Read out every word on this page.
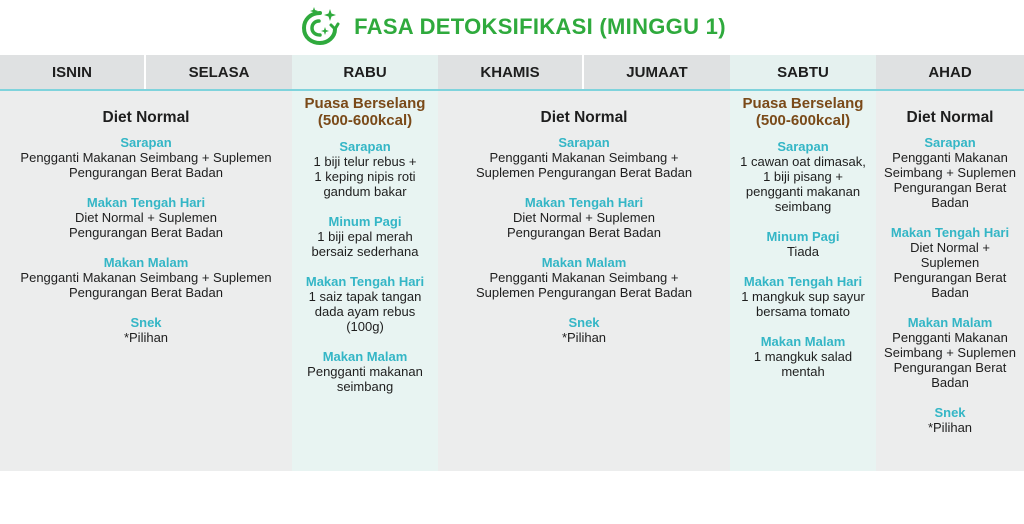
FASA DETOKSIFIKASI (MINGGU 1)
ISNIN	SELASA	RABU	KHAMIS	JUMAAT	SABTU	AHAD
Diet Normal
Sarapan
Pengganti Makanan Seimbang + Suplemen
Pengurangan Berat Badan
Makan Tengah Hari
Diet Normal + Suplemen
Pengurangan Berat Badan
Makan Malam
Pengganti Makanan Seimbang + Suplemen
Pengurangan Berat Badan
Snek
*Pilihan
Puasa Berselang
(500-600kcal)
Sarapan
1 biji telur rebus +
1 keping nipis roti
gandum bakar
Minum Pagi
1 biji epal merah
bersaiz sederhana
Makan Tengah Hari
1 saiz tapak tangan
dada ayam rebus
(100g)
Makan Malam
Pengganti makanan
seimbang
Diet Normal
Sarapan
Pengganti Makanan Seimbang +
Suplemen Pengurangan Berat Badan
Makan Tengah Hari
Diet Normal + Suplemen
Pengurangan Berat Badan
Makan Malam
Pengganti Makanan Seimbang +
Suplemen Pengurangan Berat Badan
Snek
*Pilihan
Puasa Berselang
(500-600kcal)
Sarapan
1 cawan oat dimasak,
1 biji pisang +
pengganti makanan
seimbang
Minum Pagi
Tiada
Makan Tengah Hari
1 mangkuk sup sayur
bersama tomato
Makan Malam
1 mangkuk salad
mentah
Diet Normal
Sarapan
Pengganti Makanan
Seimbang + Suplemen
Pengurangan Berat
Badan
Makan Tengah Hari
Diet Normal +
Suplemen
Pengurangan Berat
Badan
Makan Malam
Pengganti Makanan
Seimbang + Suplemen
Pengurangan Berat
Badan
Snek
*Pilihan
